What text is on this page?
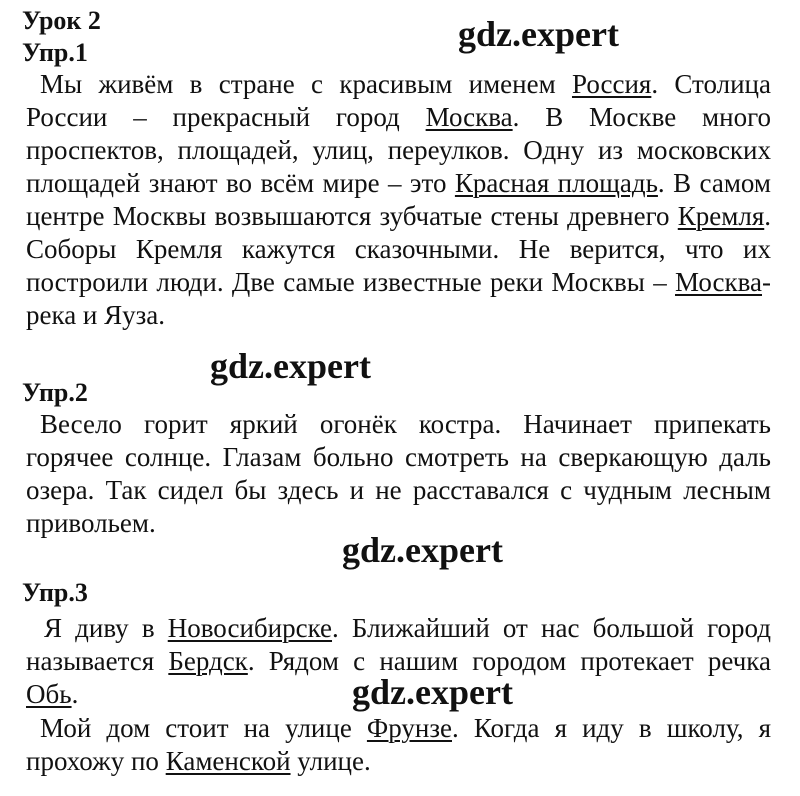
Урок 2	gdz.expert
Упр.1

Мы живём в стране с красивым именем Россия. Столица России – прекрасный город Москва. В Москве много проспектов, площадей, улиц, переулков. Одну из московских площадей знают во всём мире – это Красная площадь. В самом центре Москвы возвышаются зубчатые стены древнего Кремля. Соборы Кремля кажутся сказочными. Не верится, что их построили люди. Две самые известные реки Москвы – Москва-река и Яуза.

gdz.expert
Упр.2

Весело горит яркий огонёк костра. Начинает припекать горячее солнце. Глазам больно смотреть на сверкающую даль озера. Так сидел бы здесь и не расставался с чудным лесным привольем.

gdz.expert
Упр.3

Я диву в Новосибирске. Ближайший от нас большой город называется Бердск. Рядом с нашим городом протекает речка Обь.	gdz.expert

Мой дом стоит на улице Фрунзе. Когда я иду в школу, я прохожу по Каменской улице.
